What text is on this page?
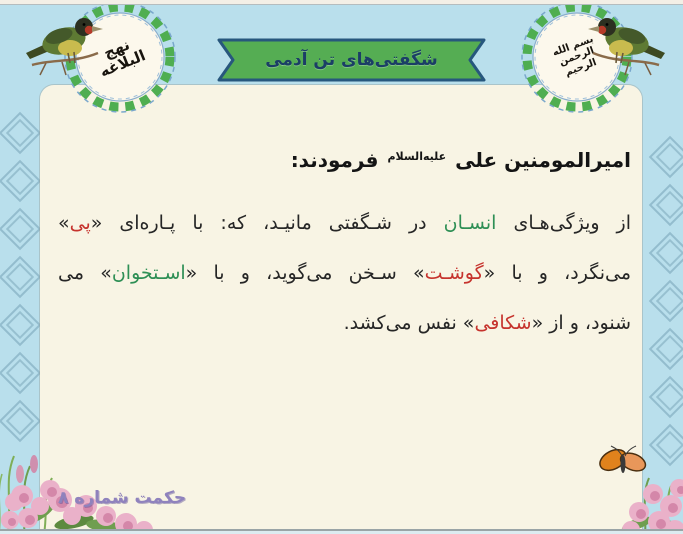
شگفتی‌های تن آدمی
نهج البلاغه
بسم الله الرحمن الرحیم
امیرالمومنین علی $^{علیه‌السلام}$ فرمودند:
از ویژگی‌هـای انسـان در شـگفتی مانیـد، که: با پـاره‌ای «پی»
می‌نگرد، و با «گوشـت» سـخن می‌گوید، و با «اسـتخوان» می
شنود، و از «شکافی» نفس می‌کشد.
حکمت شماره ۸
